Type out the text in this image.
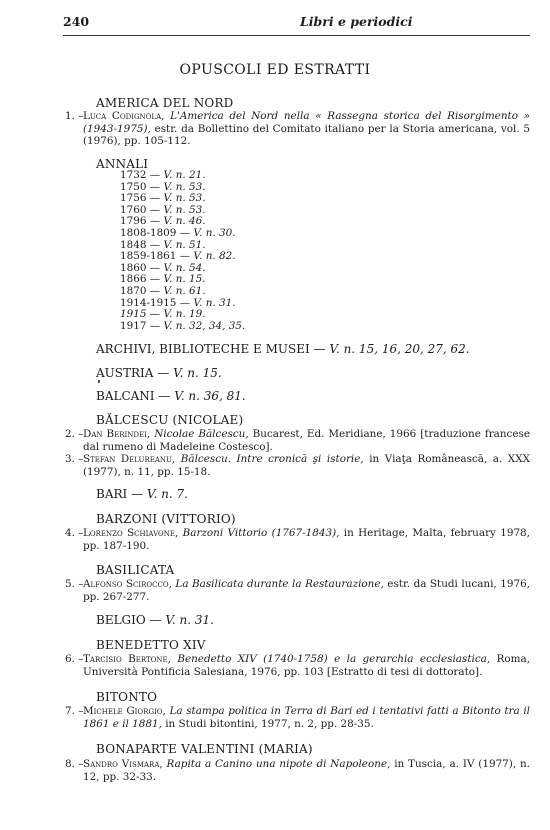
240	Libri e periodici
OPUSCOLI ED ESTRATTI
AMERICA DEL NORD
1. – Luca Codignola, L'America del Nord nella « Rassegna storica del Risorgimento » (1943-1975), estr. da Bollettino del Comitato italiano per la Storia americana, vol. 5 (1976), pp. 105-112.
ANNALI
1732 — V. n. 21.
1750 — V. n. 53.
1756 — V. n. 53.
1760 — V. n. 53.
1796 — V. n. 46.
1808-1809 — V. n. 30.
1848 — V. n. 51.
1859-1861 — V. n. 82.
1860 — V. n. 54.
1866 — V. n. 15.
1870 — V. n. 61.
1914-1915 — V. n. 31.
1915 — V. n. 19.
1917 — V. n. 32, 34, 35.
ARCHIVI, BIBLIOTECHE E MUSEI — V. n. 15, 16, 20, 27, 62.
AUSTRIA — V. n. 15.
BALCANI — V. n. 36, 81.
BĂLCESCU (NICOLAE)
2. – Dan Berindei, Nicolae Bălcescu, Bucarest, Ed. Meridiane, 1966 [traduzione francese dal rumeno di Madeleine Costesco].
3. – Stefan Delureanu, Bălcescu. Intre cronică şi istorie, in Viaţa Românească, a. XXX (1977), n. 11, pp. 15-18.
BARI — V. n. 7.
BARZONI (VITTORIO)
4. – Lorenzo Schiavone, Barzoni Vittorio (1767-1843), in Heritage, Malta, february 1978, pp. 187-190.
BASILICATA
5. – Alfonso Scirocco, La Basilicata durante la Restaurazione, estr. da Studi lucani, 1976, pp. 267-277.
BELGIO — V. n. 31.
BENEDETTO XIV
6. – Tarcisio Bertone, Benedetto XIV (1740-1758) e la gerarchia ecclesiastica, Roma, Università Pontificia Salesiana, 1976, pp. 103 [Estratto di tesi di dottorato].
BITONTO
7. – Michele Giorgio, La stampa politica in Terra di Bari ed i tentativi fatti a Bitonto tra il 1861 e il 1881, in Studi bitontini, 1977, n. 2, pp. 28-35.
BONAPARTE VALENTINI (MARIA)
8. – Sandro Vismara, Rapita a Canino una nipote di Napoleone, in Tuscia, a. IV (1977), n. 12, pp. 32-33.
